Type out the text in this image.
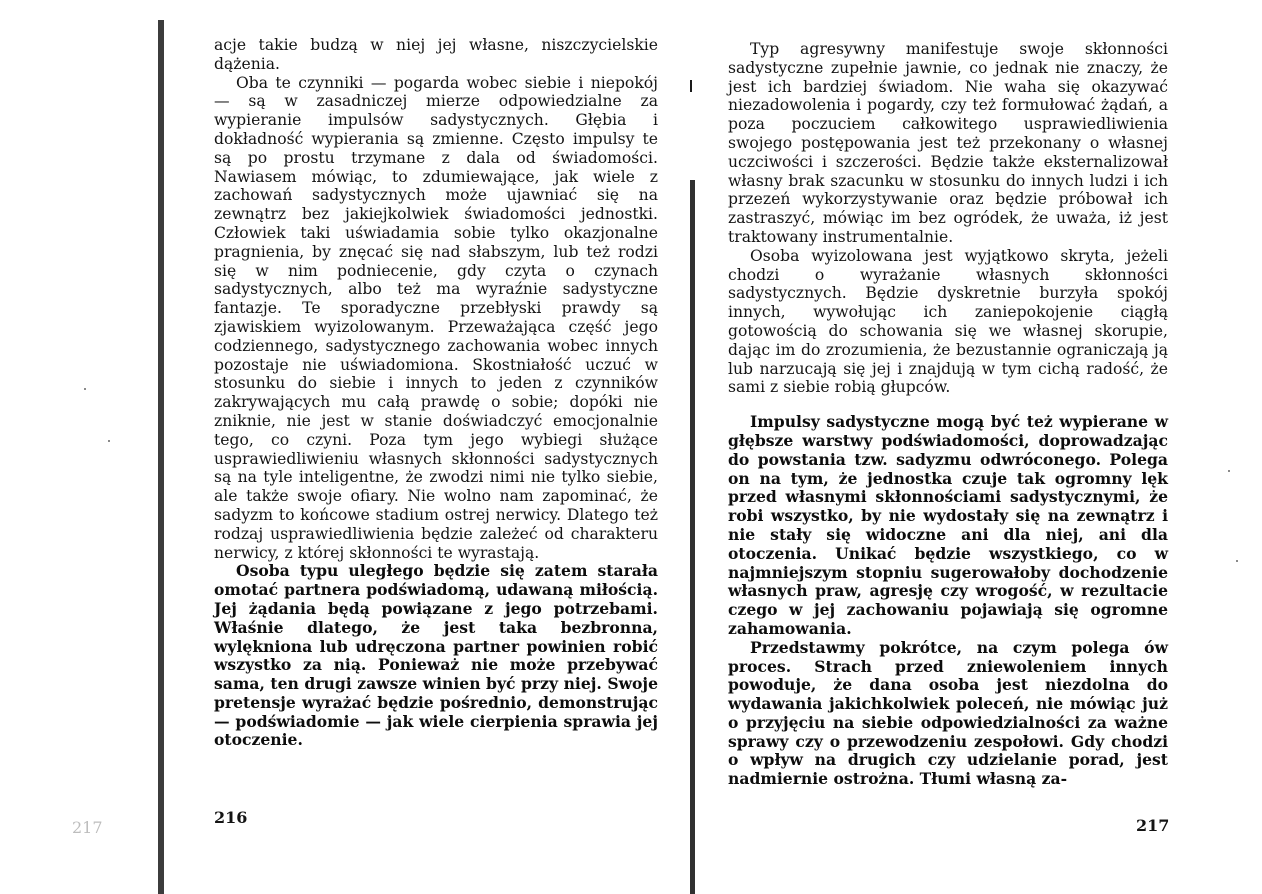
217

acje takie budzą w niej jej własne, niszczycielskie dążenia.

Oba te czynniki — pogarda wobec siebie i niepokój — są w zasadniczej mierze odpowiedzialne za wypieranie impulsów sadystycznych. Głębia i dokładność wypierania są zmienne. Często impulsy te są po prostu trzymane z dala od świadomości. Nawiasem mówiąc, to zdumiewające, jak wiele z zachowań sadystycznych może ujawniać się na zewnątrz bez jakiejkolwiek świadomości jednostki. Człowiek taki uświadamia sobie tylko okazjonalne pragnienia, by znęcać się nad słabszym, lub też rodzi się w nim podniecenie, gdy czyta o czynach sadystycznych, albo też ma wyraźnie sadystyczne fantazje. Te sporadyczne przebłyski prawdy są zjawiskiem wyizolowanym. Przeważająca część jego codziennego, sadystycznego zachowania wobec innych pozostaje nie uświadomiona. Skostniałość uczuć w stosunku do siebie i innych to jeden z czynników zakrywających mu całą prawdę o sobie; dopóki nie zniknie, nie jest w stanie doświadczyć emocjonalnie tego, co czyni. Poza tym jego wybiegi służące usprawiedliwieniu własnych skłonności sadystycznych są na tyle inteligentne, że zwodzi nimi nie tylko siebie, ale także swoje ofiary. Nie wolno nam zapominać, że sadyzm to końcowe stadium ostrej nerwicy. Dlatego też rodzaj usprawiedliwienia będzie zależeć od charakteru nerwicy, z której skłonności te wyrastają.

Osoba typu uległego będzie się zatem starała omotać partnera podświadomą, udawaną miłością. Jej żądania będą powiązane z jego potrzebami. Właśnie dlatego, że jest taka bezbronna, wylękniona lub udręczona partner powinien robić wszystko za nią. Ponieważ nie może przebywać sama, ten drugi zawsze winien być przy niej. Swoje pretensje wyrażać będzie pośrednio, demonstrując — podświadomie — jak wiele cierpienia sprawia jej otoczenie.

216

Typ agresywny manifestuje swoje skłonności sadystyczne zupełnie jawnie, co jednak nie znaczy, że jest ich bardziej świadom. Nie waha się okazywać niezadowolenia i pogardy, czy też formułować żądań, a poza poczuciem całkowitego usprawiedliwienia swojego postępowania jest też przekonany o własnej uczciwości i szczerości. Będzie także eksternalizował własny brak szacunku w stosunku do innych ludzi i ich przezeń wykorzystywanie oraz będzie próbował ich zastraszyć, mówiąc im bez ogródek, że uważa, iż jest traktowany instrumentalnie.

Osoba wyizolowana jest wyjątkowo skryta, jeżeli chodzi o wyrażanie własnych skłonności sadystycznych. Będzie dyskretnie burzyła spokój innych, wywołując ich zaniepokojenie ciągłą gotowością do schowania się we własnej skorupie, dając im do zrozumienia, że bezustannie ograniczają ją lub narzucają się jej i znajdują w tym cichą radość, że sami z siebie robią głupców.

Impulsy sadystyczne mogą być też wypierane w głębsze warstwy podświadomości, doprowadzając do powstania tzw. sadyzmu odwróconego. Polega on na tym, że jednostka czuje tak ogromny lęk przed własnymi skłonnościami sadystycznymi, że robi wszystko, by nie wydostały się na zewnątrz i nie stały się widoczne ani dla niej, ani dla otoczenia. Unikać będzie wszystkiego, co w najmniejszym stopniu sugerowałoby dochodzenie własnych praw, agresję czy wrogość, w rezultacie czego w jej zachowaniu pojawiają się ogromne zahamowania.

Przedstawmy pokrótce, na czym polega ów proces. Strach przed zniewoleniem innych powoduje, że dana osoba jest niezdolna do wydawania jakichkolwiek poleceń, nie mówiąc już o przyjęciu na siebie odpowiedzialności za ważne sprawy czy o przewodzeniu zespołowi. Gdy chodzi o wpływ na drugich czy udzielanie porad, jest nadmiernie ostrożna. Tłumi własną za-

217
